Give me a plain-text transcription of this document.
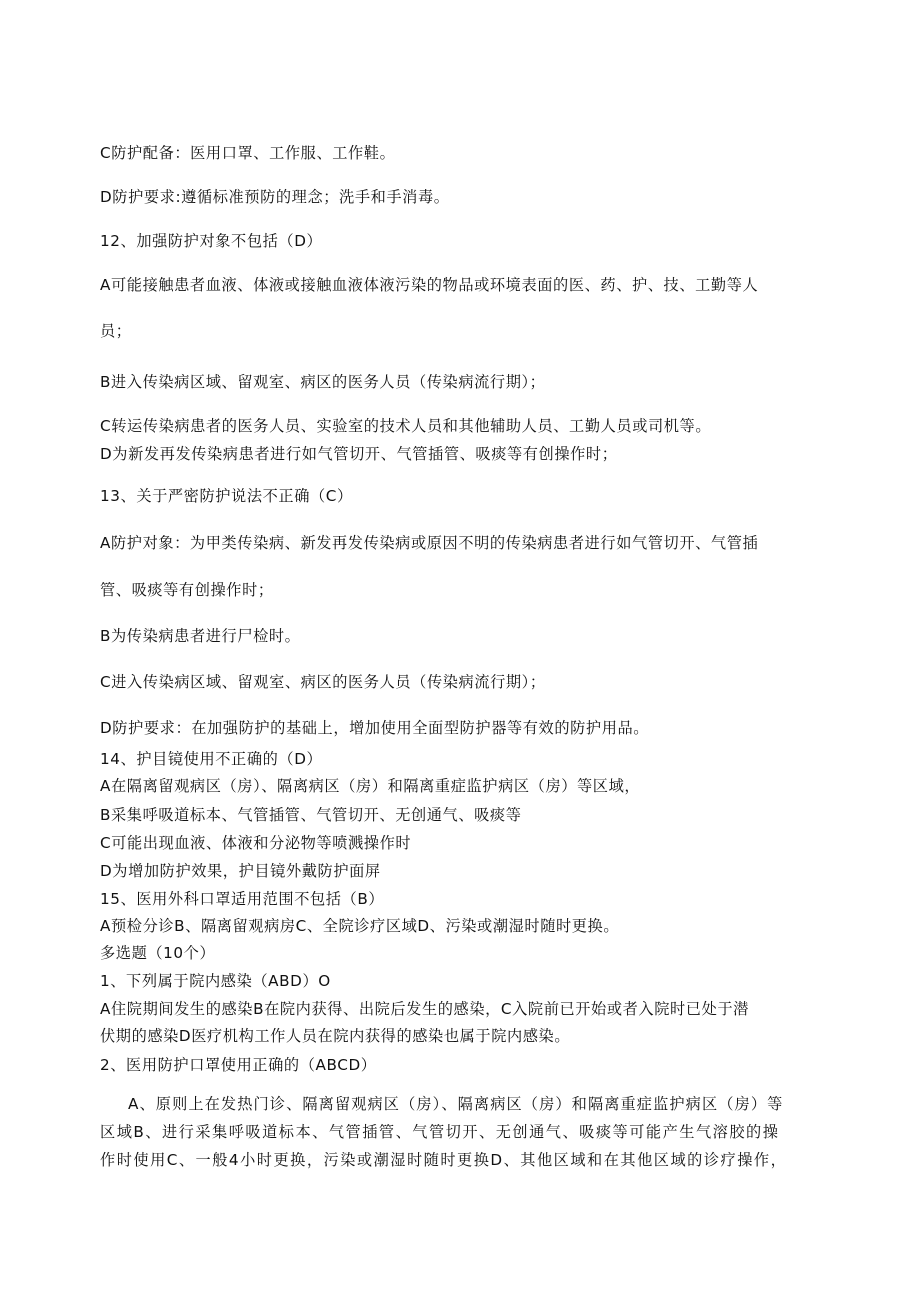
C防护配备：医用口罩、工作服、工作鞋。
D防护要求:遵循标准预防的理念；洗手和手消毒。
12、加强防护对象不包括（D）
A可能接触患者血液、体液或接触血液体液污染的物品或环境表面的医、药、护、技、工勤等人
员；
B进入传染病区域、留观室、病区的医务人员（传染病流行期）；
C转运传染病患者的医务人员、实验室的技术人员和其他辅助人员、工勤人员或司机等。
D为新发再发传染病患者进行如气管切开、气管插管、吸痰等有创操作时；
13、关于严密防护说法不正确（C）
A防护对象：为甲类传染病、新发再发传染病或原因不明的传染病患者进行如气管切开、气管插
管、吸痰等有创操作时；
B为传染病患者进行尸检时。
C进入传染病区域、留观室、病区的医务人员（传染病流行期）；
D防护要求：在加强防护的基础上，增加使用全面型防护器等有效的防护用品。
14、护目镜使用不正确的（D）
A在隔离留观病区（房）、隔离病区（房）和隔离重症监护病区（房）等区域，
B采集呼吸道标本、气管插管、气管切开、无创通气、吸痰等
C可能出现血液、体液和分泌物等喷溅操作时
D为增加防护效果，护目镜外戴防护面屏
15、医用外科口罩适用范围不包括（B）
A预检分诊B、隔离留观病房C、全院诊疗区域D、污染或潮湿时随时更换。
多选题（10个）
1、下列属于院内感染（ABD）O
A住院期间发生的感染B在院内获得、出院后发生的感染，C入院前已开始或者入院时已处于潜
伏期的感染D医疗机构工作人员在院内获得的感染也属于院内感染。
2、医用防护口罩使用正确的（ABCD）
A、原则上在发热门诊、隔离留观病区（房）、隔离病区（房）和隔离重症监护病区（房）等
区域B、进行采集呼吸道标本、气管插管、气管切开、无创通气、吸痰等可能产生气溶胶的操
作时使用C、一般4小时更换，污染或潮湿时随时更换D、其他区域和在其他区域的诊疗操作，
